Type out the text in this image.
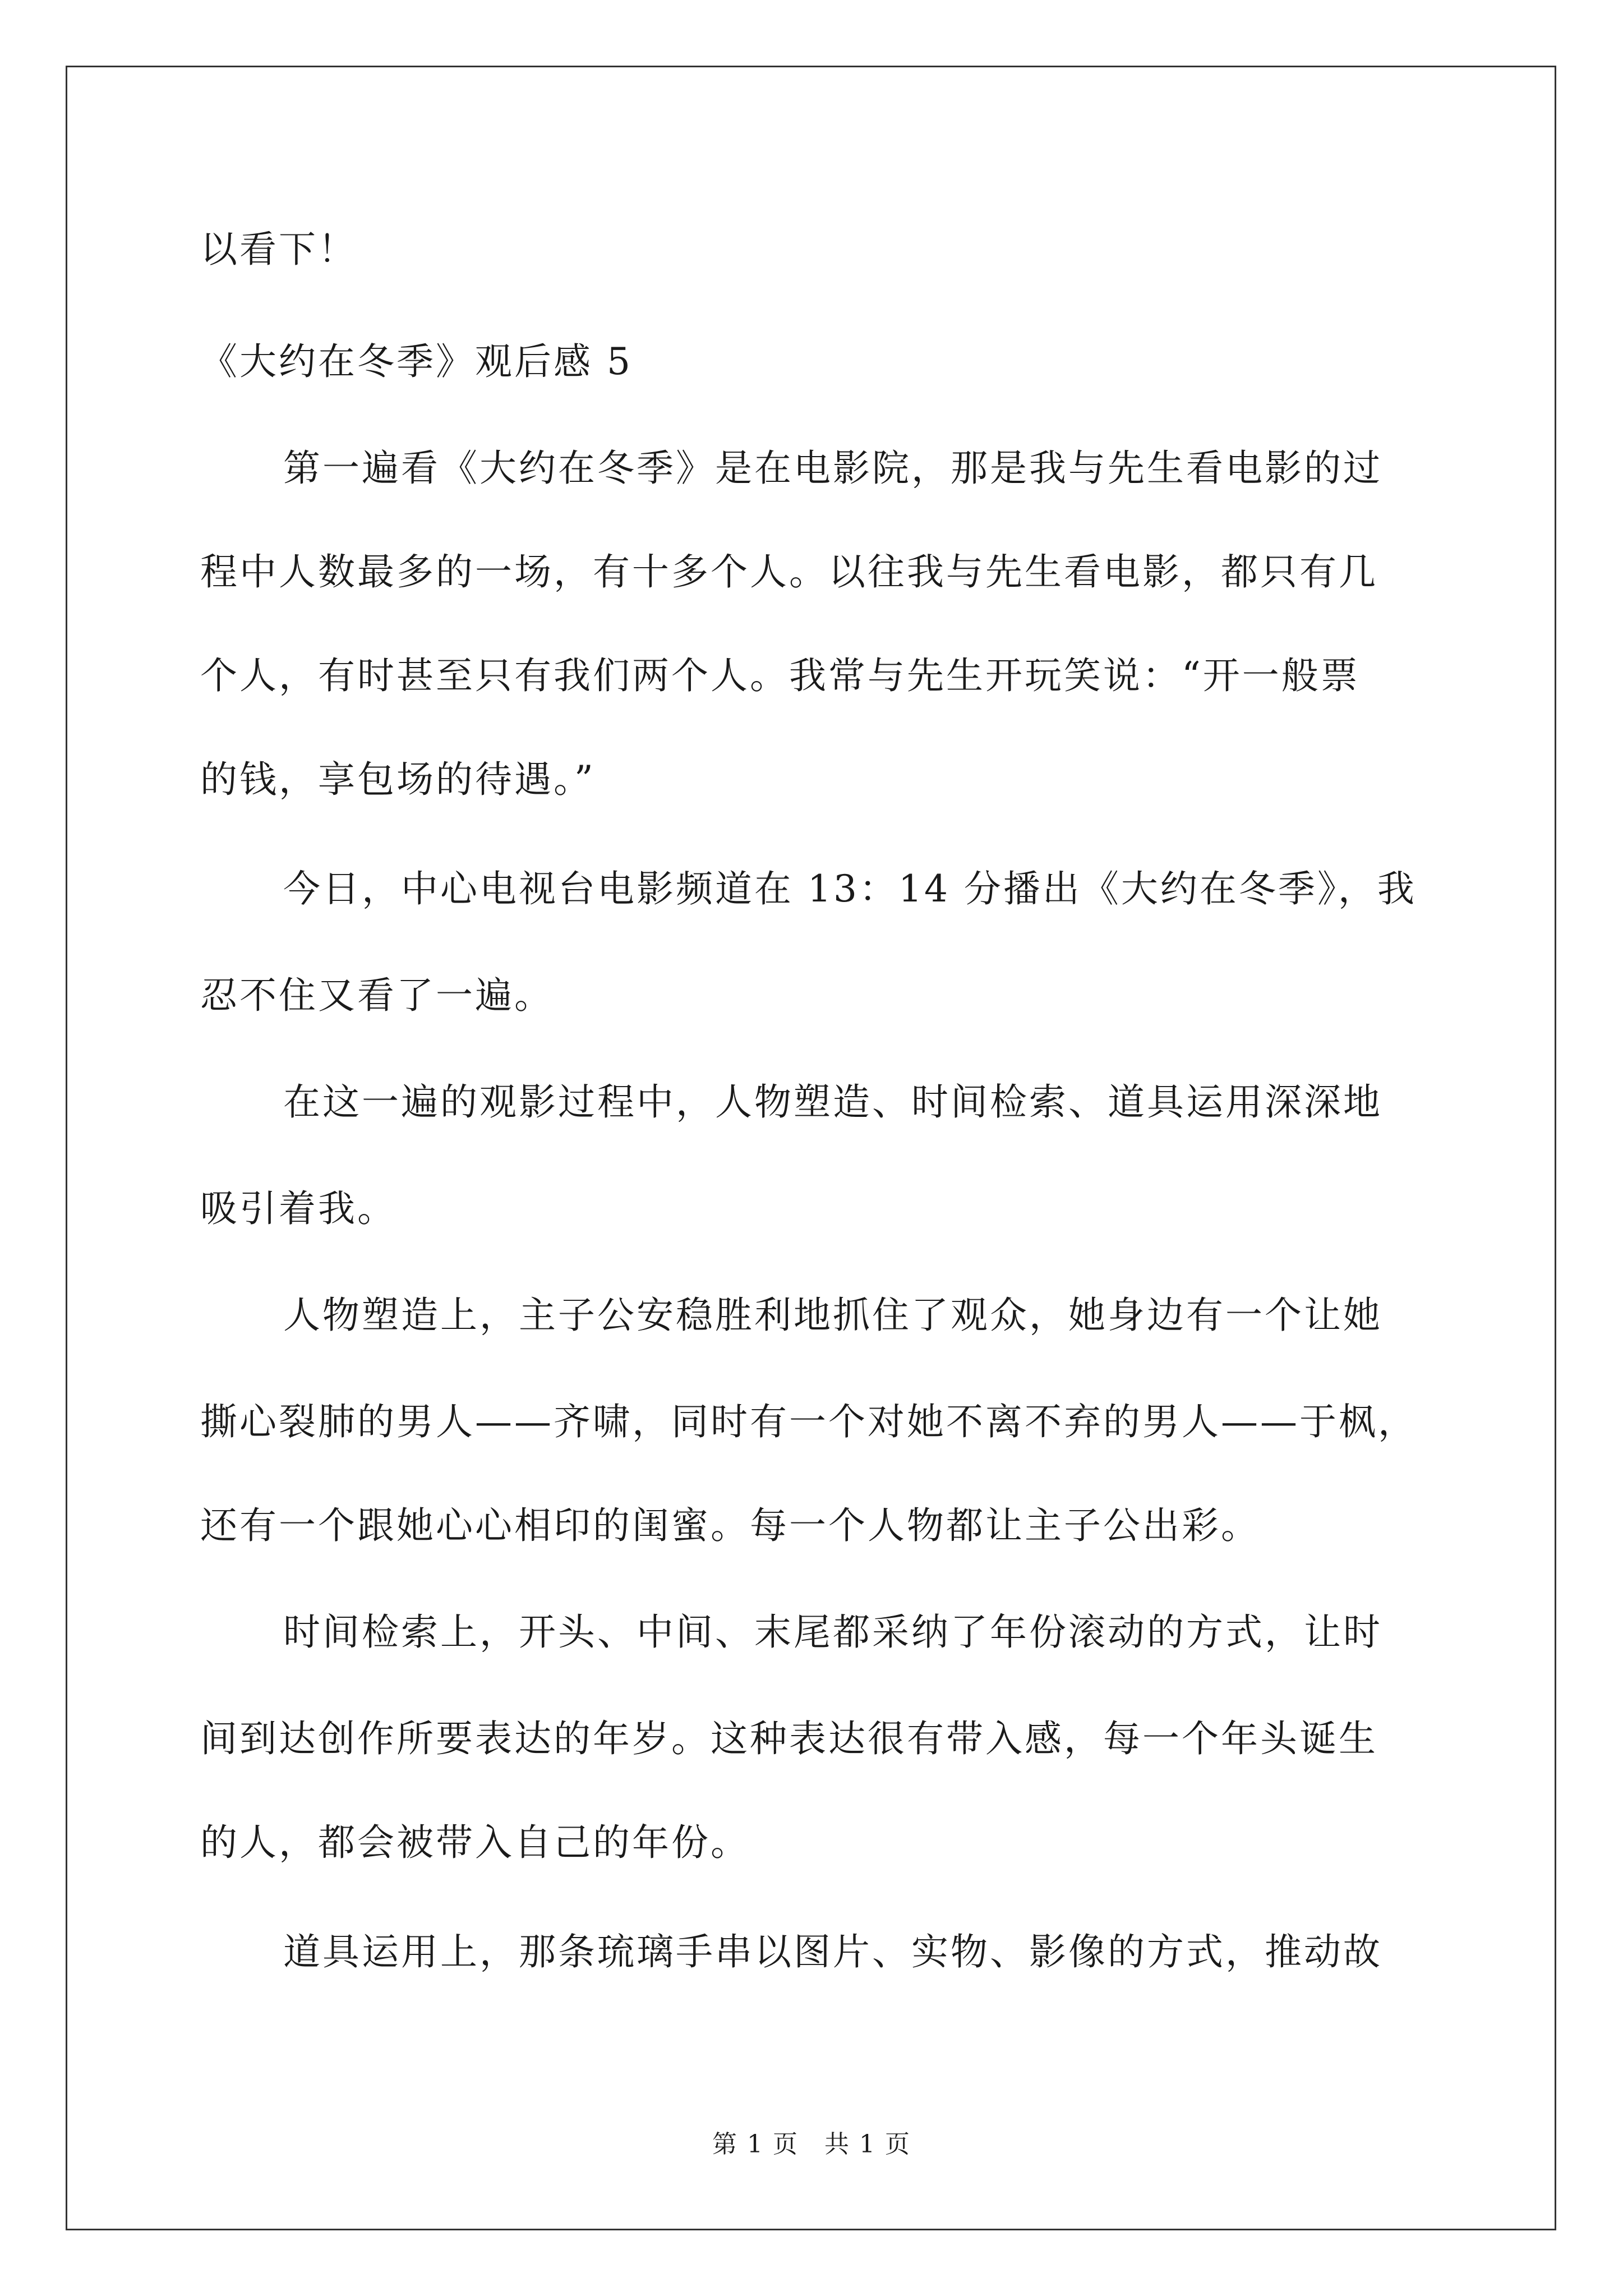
以看下！
《大约在冬季》观后感 5
第一遍看《大约在冬季》是在电影院，那是我与先生看电影的过
程中人数最多的一场，有十多个人。以往我与先生看电影，都只有几
个人，有时甚至只有我们两个人。我常与先生开玩笑说：“开一般票
的钱，享包场的待遇。”
今日，中心电视台电影频道在 13：14 分播出《大约在冬季》，我
忍不住又看了一遍。
在这一遍的观影过程中，人物塑造、时间检索、道具运用深深地
吸引着我。
人物塑造上，主子公安稳胜利地抓住了观众，她身边有一个让她
撕心裂肺的男人——齐啸，同时有一个对她不离不弃的男人——于枫，
还有一个跟她心心相印的闺蜜。每一个人物都让主子公出彩。
时间检索上，开头、中间、末尾都采纳了年份滚动的方式，让时
间到达创作所要表达的年岁。这种表达很有带入感，每一个年头诞生
的人，都会被带入自己的年份。
道具运用上，那条琉璃手串以图片、实物、影像的方式，推动故
第 1 页　共 1 页
